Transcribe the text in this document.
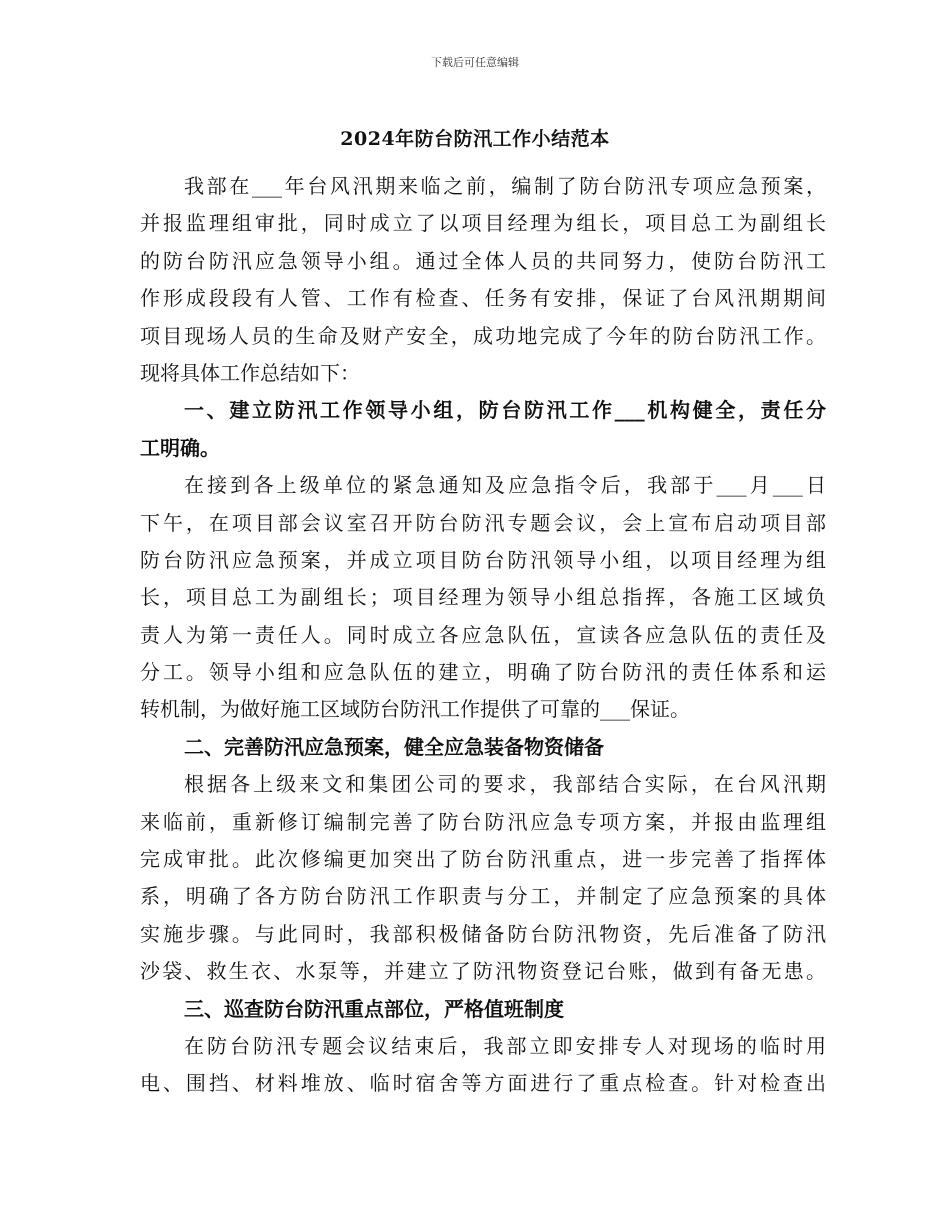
下载后可任意编辑
2024年防台防汛工作小结范本
我部在___年台风汛期来临之前，编制了防台防汛专项应急预案，
并报监理组审批，同时成立了以项目经理为组长，项目总工为副组长
的防台防汛应急领导小组。通过全体人员的共同努力，使防台防汛工
作形成段段有人管、工作有检查、任务有安排，保证了台风汛期期间
项目现场人员的生命及财产安全，成功地完成了今年的防台防汛工作。
现将具体工作总结如下：
一、建立防汛工作领导小组，防台防汛工作___机构健全，责任分
工明确。
在接到各上级单位的紧急通知及应急指令后，我部于___月___日
下午，在项目部会议室召开防台防汛专题会议，会上宣布启动项目部
防台防汛应急预案，并成立项目防台防汛领导小组，以项目经理为组
长，项目总工为副组长；项目经理为领导小组总指挥，各施工区域负
责人为第一责任人。同时成立各应急队伍，宣读各应急队伍的责任及
分工。领导小组和应急队伍的建立，明确了防台防汛的责任体系和运
转机制，为做好施工区域防台防汛工作提供了可靠的___保证。
二、完善防汛应急预案，健全应急装备物资储备
根据各上级来文和集团公司的要求，我部结合实际，在台风汛期
来临前，重新修订编制完善了防台防汛应急专项方案，并报由监理组
完成审批。此次修编更加突出了防台防汛重点，进一步完善了指挥体
系，明确了各方防台防汛工作职责与分工，并制定了应急预案的具体
实施步骤。与此同时，我部积极储备防台防汛物资，先后准备了防汛
沙袋、救生衣、水泵等，并建立了防汛物资登记台账，做到有备无患。
三、巡查防台防汛重点部位，严格值班制度
在防台防汛专题会议结束后，我部立即安排专人对现场的临时用
电、围挡、材料堆放、临时宿舍等方面进行了重点检查。针对检查出
